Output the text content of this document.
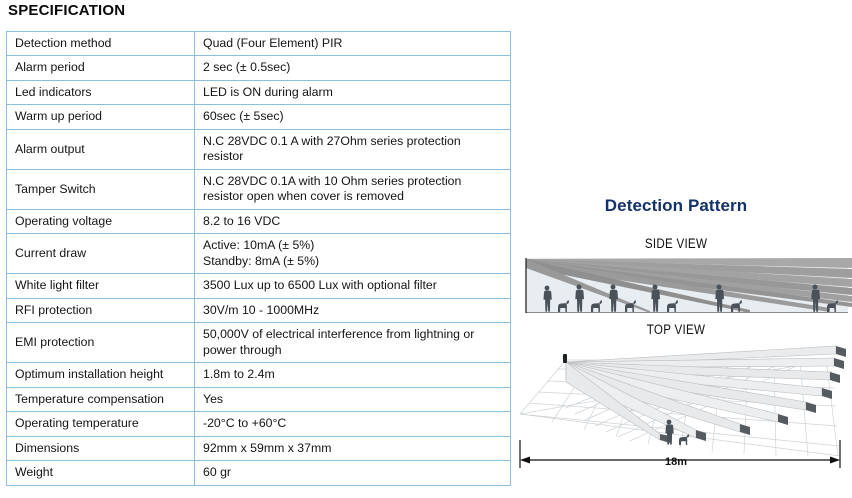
SPECIFICATION
Detection method	Quad (Four Element) PIR
Alarm period	2 sec (± 0.5sec)
Led indicators	LED is ON during alarm
Warm up period	60sec (± 5sec)
Alarm output	N.C 28VDC 0.1 A with 27Ohm series protection resistor
Tamper Switch	N.C 28VDC 0.1A with 10 Ohm series protection resistor open when cover is removed
Operating voltage	8.2 to 16 VDC
Current draw	Active: 10mA (± 5%)
Standby: 8mA (± 5%)

White light filter	3500 Lux up to 6500 Lux with optional filter
RFI protection	30V/m 10 - 1000MHz
EMI protection	50,000V of electrical interference from lightning or power through
Optimum installation height	1.8m to 2.4m
Temperature compensation	Yes
Operating temperature	-20°C to +60°C
Dimensions	92mm x 59mm x 37mm
Weight	60 gr
Detection Pattern
SIDE VIEW
TOP VIEW
18m
